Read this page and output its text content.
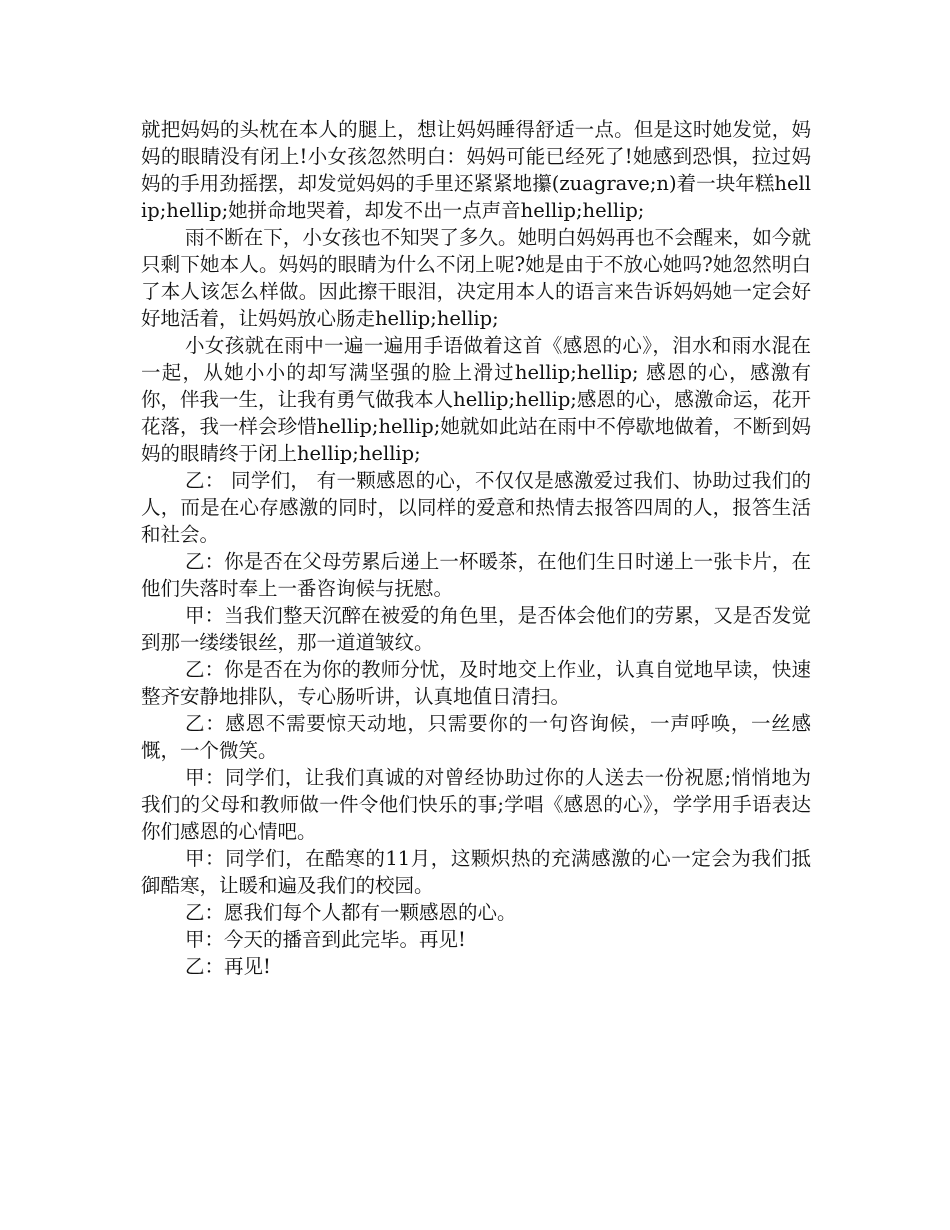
就把妈妈的头枕在本人的腿上，想让妈妈睡得舒适一点。但是这时她发觉，妈妈的眼睛没有闭上!小女孩忽然明白：妈妈可能已经死了!她感到恐惧，拉过妈妈的手用劲摇摆，却发觉妈妈的手里还紧紧地攥(zuagrave;n)着一块年糕hellip;hellip;她拼命地哭着，却发不出一点声音hellip;hellip;

雨不断在下，小女孩也不知哭了多久。她明白妈妈再也不会醒来，如今就只剩下她本人。妈妈的眼睛为什么不闭上呢?她是由于不放心她吗?她忽然明白了本人该怎么样做。因此擦干眼泪，决定用本人的语言来告诉妈妈她一定会好好地活着，让妈妈放心肠走hellip;hellip;

小女孩就在雨中一遍一遍用手语做着这首《感恩的心》，泪水和雨水混在一起，从她小小的却写满坚强的脸上滑过hellip;hellip; 感恩的心，感激有你，伴我一生，让我有勇气做我本人hellip;hellip;感恩的心，感激命运，花开花落，我一样会珍惜hellip;hellip;她就如此站在雨中不停歇地做着，不断到妈妈的眼睛终于闭上hellip;hellip;

乙： 同学们， 有一颗感恩的心，不仅仅是感激爱过我们、协助过我们的人，而是在心存感激的同时，以同样的爱意和热情去报答四周的人，报答生活和社会。

乙：你是否在父母劳累后递上一杯暖茶，在他们生日时递上一张卡片，在他们失落时奉上一番咨询候与抚慰。

甲：当我们整天沉醉在被爱的角色里，是否体会他们的劳累，又是否发觉到那一缕缕银丝，那一道道皱纹。

乙：你是否在为你的教师分忧，及时地交上作业，认真自觉地早读，快速整齐安静地排队，专心肠听讲，认真地值日清扫。

乙：感恩不需要惊天动地，只需要你的一句咨询候，一声呼唤，一丝感慨，一个微笑。

甲：同学们，让我们真诚的对曾经协助过你的人送去一份祝愿;悄悄地为我们的父母和教师做一件令他们快乐的事;学唱《感恩的心》，学学用手语表达你们感恩的心情吧。

甲：同学们，在酷寒的11月，这颗炽热的充满感激的心一定会为我们抵御酷寒，让暖和遍及我们的校园。

乙：愿我们每个人都有一颗感恩的心。

甲：今天的播音到此完毕。再见!

乙：再见!
